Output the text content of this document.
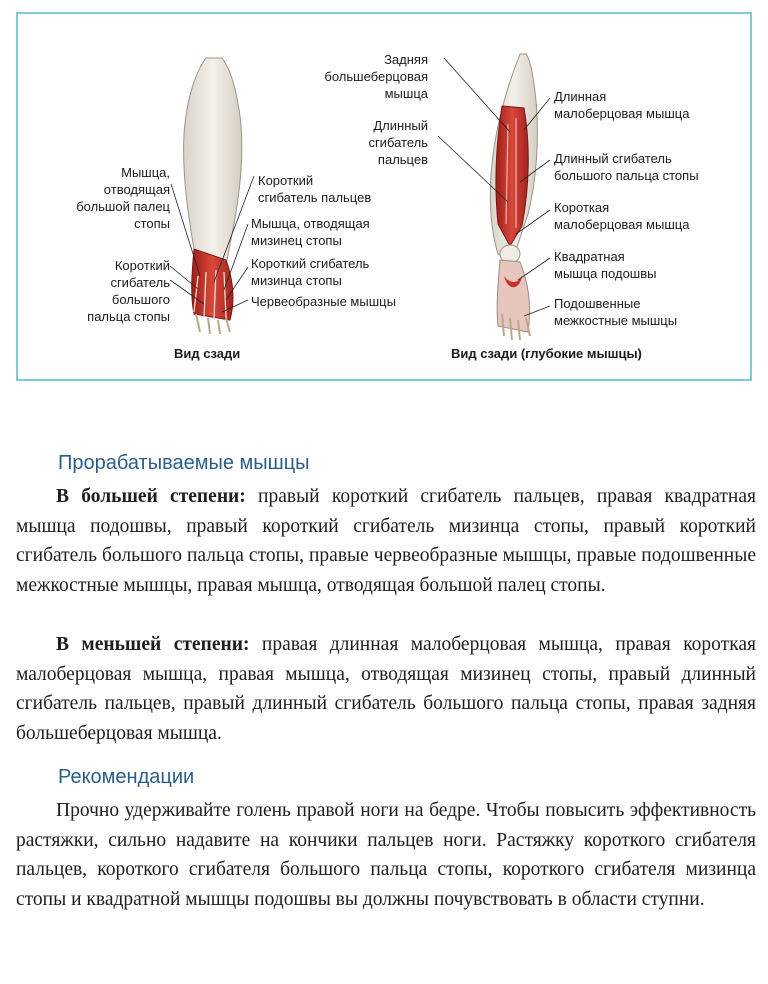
Мышца,
отводящая
большой палец
стопы
Короткий
сгибатель
большого
пальца стопы
Короткий
сгибатель пальцев
Мышца, отводящая
мизинец стопы
Короткий сгибатель
мизинца стопы
Червеобразные мышцы
Задняя
большеберцовая
мышца
Длинный
сгибатель
пальцев
Длинная
малоберцовая мышца
Длинный сгибатель
большого пальца стопы
Короткая
малоберцовая мышца
Квадратная
мышца подошвы
Подошвенные
межкостные мышцы
Вид сзади	Вид сзади (глубокие мышцы)
Прорабатываемые мышцы

В большей степени: правый короткий сгибатель пальцев, правая квадратная мышца подошвы, правый короткий сгибатель мизинца стопы, правый короткий сгибатель большого пальца стопы, правые червеобразные мышцы, правые подошвенные межкостные мышцы, правая мышца, отводящая большой палец стопы.

В меньшей степени: правая длинная малоберцовая мышца, правая короткая малоберцовая мышца, правая мышца, отводящая мизинец стопы, правый длинный сгибатель пальцев, правый длинный сгибатель большого пальца стопы, правая задняя большеберцовая мышца.

Рекомендации

Прочно удерживайте голень правой ноги на бедре. Чтобы повысить эффективность растяжки, сильно надавите на кончики пальцев ноги. Растяжку короткого сгибателя пальцев, короткого сгибателя большого пальца стопы, короткого сгибателя мизинца стопы и квадратной мышцы подошвы вы должны почувствовать в области ступни.
